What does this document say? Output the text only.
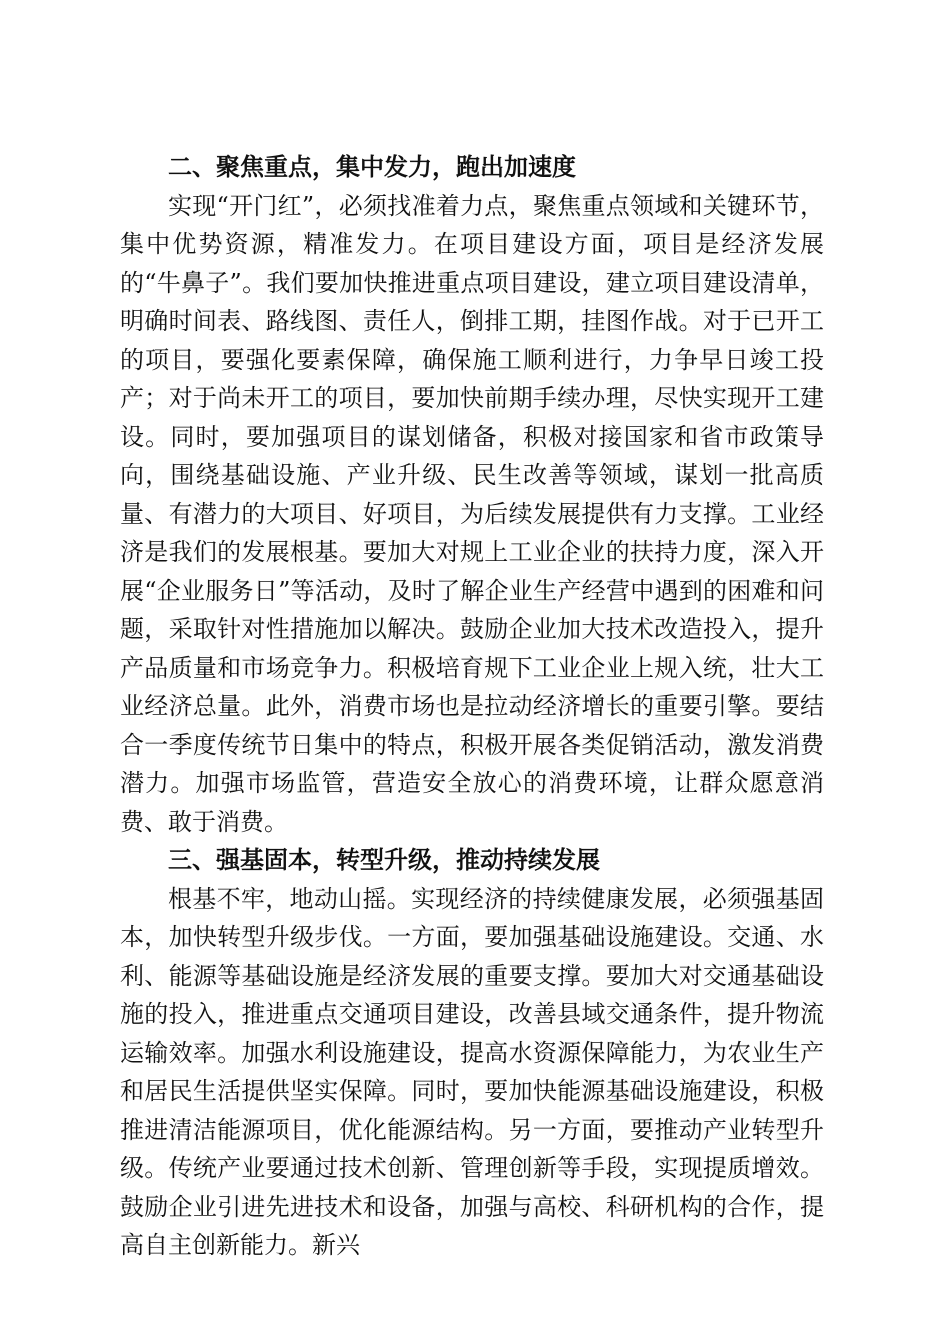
二、聚焦重点，集中发力，跑出加速度

实现“开门红”，必须找准着力点，聚焦重点领域和关键环节，集中优势资源，精准发力。在项目建设方面，项目是经济发展的“牛鼻子”。我们要加快推进重点项目建设，建立项目建设清单，明确时间表、路线图、责任人，倒排工期，挂图作战。对于已开工的项目，要强化要素保障，确保施工顺利进行，力争早日竣工投产；对于尚未开工的项目，要加快前期手续办理，尽快实现开工建设。同时，要加强项目的谋划储备，积极对接国家和省市政策导向，围绕基础设施、产业升级、民生改善等领域，谋划一批高质量、有潜力的大项目、好项目，为后续发展提供有力支撑。工业经济是我们的发展根基。要加大对规上工业企业的扶持力度，深入开展“企业服务日”等活动，及时了解企业生产经营中遇到的困难和问题，采取针对性措施加以解决。鼓励企业加大技术改造投入，提升产品质量和市场竞争力。积极培育规下工业企业上规入统，壮大工业经济总量。此外，消费市场也是拉动经济增长的重要引擎。要结合一季度传统节日集中的特点，积极开展各类促销活动，激发消费潜力。加强市场监管，营造安全放心的消费环境，让群众愿意消费、敢于消费。

三、强基固本，转型升级，推动持续发展

根基不牢，地动山摇。实现经济的持续健康发展，必须强基固本，加快转型升级步伐。一方面，要加强基础设施建设。交通、水利、能源等基础设施是经济发展的重要支撑。要加大对交通基础设施的投入，推进重点交通项目建设，改善县域交通条件，提升物流运输效率。加强水利设施建设，提高水资源保障能力，为农业生产和居民生活提供坚实保障。同时，要加快能源基础设施建设，积极推进清洁能源项目，优化能源结构。另一方面，要推动产业转型升级。传统产业要通过技术创新、管理创新等手段，实现提质增效。鼓励企业引进先进技术和设备，加强与高校、科研机构的合作，提高自主创新能力。新兴
